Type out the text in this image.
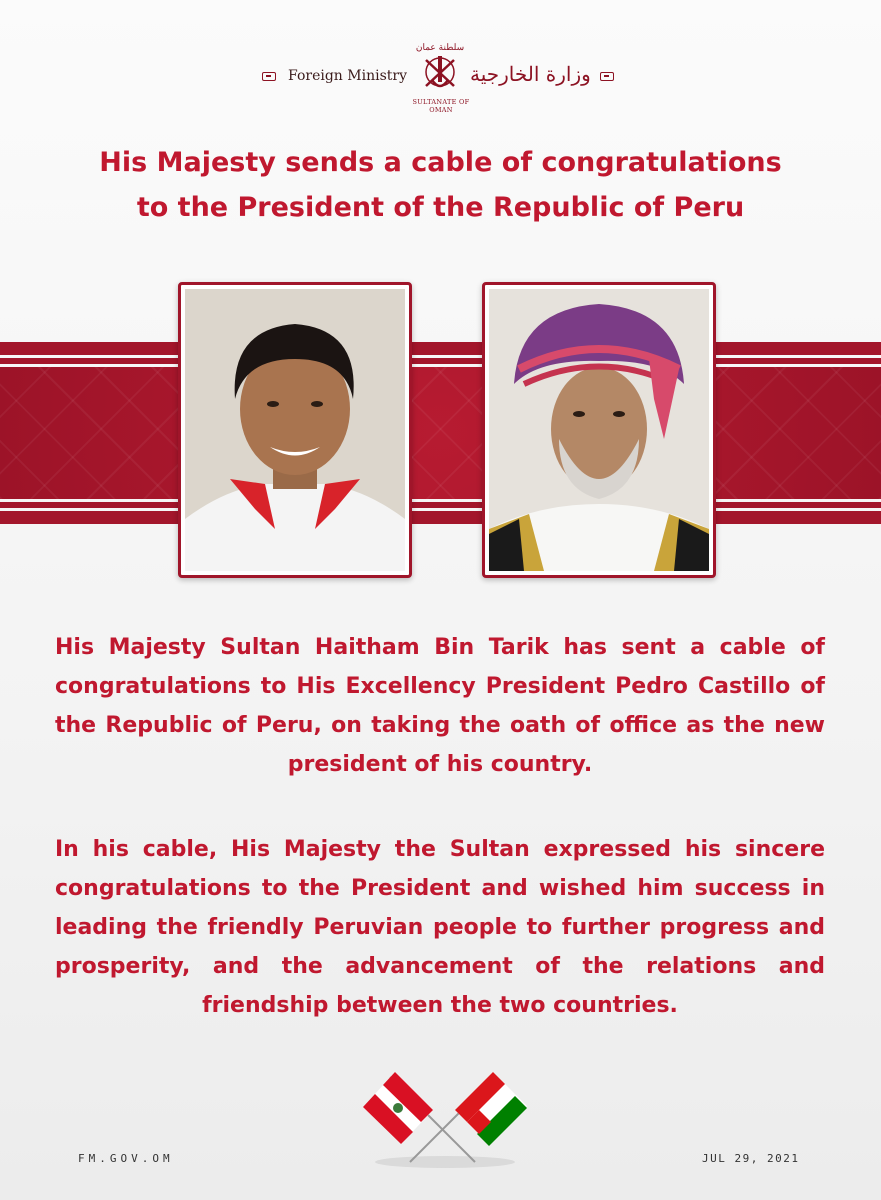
Foreign Ministry
سلطنة عمان
SULTANATE OF OMAN
وزارة الخارجية
His Majesty sends a cable of congratulations
to the President of the Republic of Peru
His Majesty Sultan Haitham Bin Tarik has sent a cable of congratulations to His Excellency President Pedro Castillo of the Republic of Peru, on taking the oath of office as the new president of his country.
In his cable, His Majesty the Sultan expressed his sincere congratulations to the President and wished him success in leading the friendly Peruvian people to further progress and prosperity, and the advancement of the relations and friendship between the two countries.
FM.GOV.OM	JUL 29, 2021
